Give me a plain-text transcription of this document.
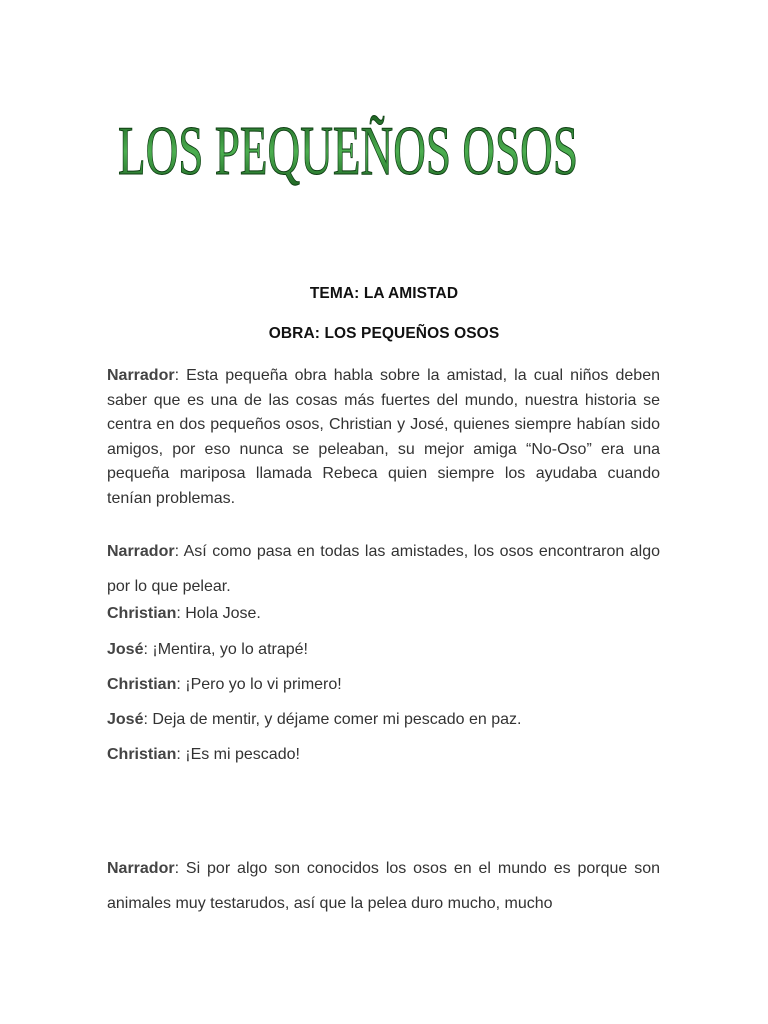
LOS PEQUEÑOS OSOS
TEMA: LA AMISTAD
OBRA: LOS PEQUEÑOS OSOS

Narrador: Esta pequeña obra habla sobre la amistad, la cual niños deben saber que es una de las cosas más fuertes del mundo, nuestra historia se centra en dos pequeños osos, Christian y José, quienes siempre habían sido amigos, por eso nunca se peleaban, su mejor amiga “No-Oso” era una pequeña mariposa llamada Rebeca quien siempre los ayudaba cuando tenían problemas.

Narrador: Así como pasa en todas las amistades, los osos encontraron algo por lo que pelear.

Christian: Hola Jose.

José: ¡Mentira, yo lo atrapé!

Christian: ¡Pero yo lo vi primero!

José: Deja de mentir, y déjame comer mi pescado en paz.

Christian: ¡Es mi pescado!

Narrador: Si por algo son conocidos los osos en el mundo es porque son animales muy testarudos, así que la pelea duro mucho, mucho
